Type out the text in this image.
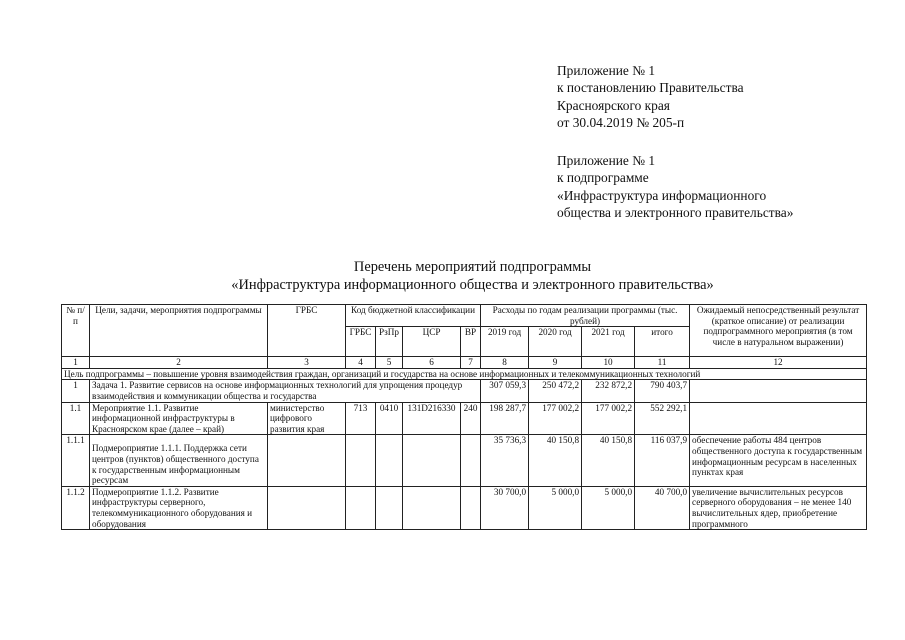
Приложение № 1
к постановлению Правительства
Красноярского края
от 30.04.2019 № 205-п
Приложение № 1
к подпрограмме
«Инфраструктура информационного
общества и электронного правительства»
Перечень мероприятий подпрограммы
«Инфраструктура информационного общества и электронного правительства»
№ п/п	Цели, задачи, мероприятия подпрограммы	ГРБС	Код бюджетной классификации				Расходы по годам реализации программы (тыс. рублей)				Ожидаемый непосредственный результат (краткое описание) от реализации подпрограммного мероприятия (в том числе в натуральном выражении)
			ГРБС	РзПр	ЦСР	ВР	2019 год	2020 год	2021 год	итого	
1	2	3	4	5	6	7	8	9	10	11	12
Цель подпрограммы – повышение уровня взаимодействия граждан, организаций и государства на основе информационных и телекоммуникационных технологий											
1	Задача 1. Развитие сервисов на основе информационных технологий для упрощения процедур взаимодействия и коммуникации общества и государства						307 059,3	250 472,2	232 872,2	790 403,7	
1.1	Мероприятие 1.1. Развитие информационной инфраструктуры в Красноярском крае (далее – край)	министерство цифрового развития края	713	0410	131D216330	240	198 287,7	177 002,2	177 002,2	552 292,1	
1.1.1	Подмероприятие 1.1.1. Поддержка сети центров (пунктов) общественного доступа к государственным информационным ресурсам						35 736,3	40 150,8	40 150,8	116 037,9	обеспечение работы 484 центров общественного доступа к государственным информационным ресурсам в населенных пунктах края
1.1.2	Подмероприятие 1.1.2. Развитие инфраструктуры серверного, телекоммуникационного оборудования и оборудования						30 700,0	5 000,0	5 000,0	40 700,0	увеличение вычислительных ресурсов серверного оборудования – не менее 140 вычислительных ядер, приобретение программного
